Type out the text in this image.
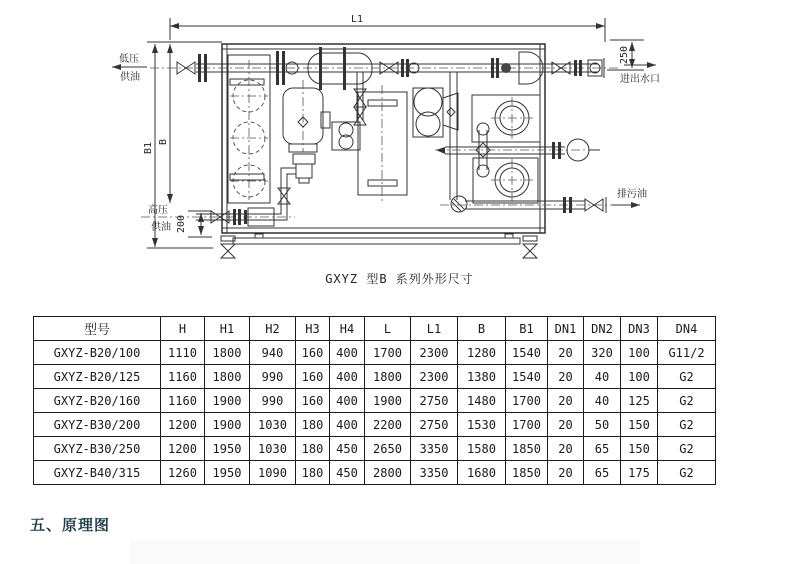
L1
B1 B
250
200
低压
供油
高压
供油
进出水口
排污油
GXYZ 型B 系列外形尺寸
型号	H	H1	H2	H3	H4	L	L1	B	B1	DN1	DN2	DN3	DN4
GXYZ-B20/100	1110	1800	940	160	400	1700	2300	1280	1540	20	320	100	G11/2
GXYZ-B20/125	1160	1800	990	160	400	1800	2300	1380	1540	20	40	100	G2
GXYZ-B20/160	1160	1900	990	160	400	1900	2750	1480	1700	20	40	125	G2
GXYZ-B30/200	1200	1900	1030	180	400	2200	2750	1530	1700	20	50	150	G2
GXYZ-B30/250	1200	1950	1030	180	450	2650	3350	1580	1850	20	65	150	G2
GXYZ-B40/315	1260	1950	1090	180	450	2800	3350	1680	1850	20	65	175	G2
五、原理图
